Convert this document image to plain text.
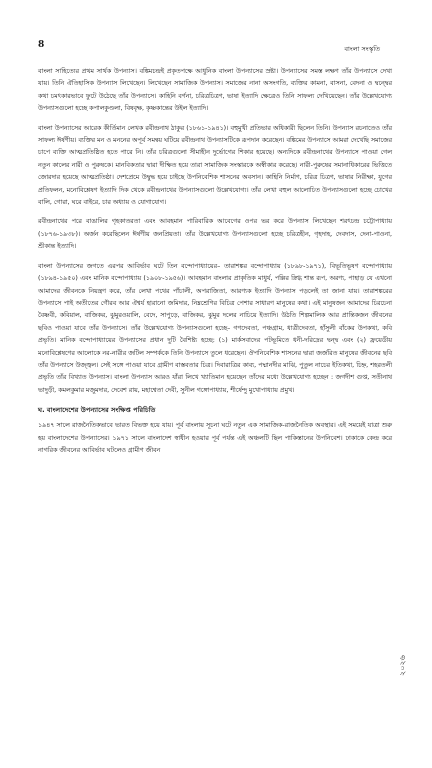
8	বাংলা সংস্কৃতি

বাংলা সাহিত্যের প্রথম সার্থক উপন্যাস। বঙ্কিমচন্দ্রই প্রকৃতপক্ষে আধুনিক বাংলা উপন্যাসের স্রষ্টা। উপন্যাসের সমস্ত লক্ষণ তাঁর উপন্যাসে দেখা যায়। তিনি ঐতিহাসিক উপন্যাস লিখেছেন। লিখেছেন সামাজিক উপন্যাস। সমাজের নানা অসংগতি, ব্যক্তির কামনা, বাসনা, বেদনা ও দ্বন্দ্বের কথা চমৎকারভাবে ফুটে উঠেছে তাঁর উপন্যাসে। কাহিনি বর্ণনা, চরিত্রচিত্রণ, ভাষা ইত্যাদি ক্ষেত্রেও তিনি সাফল্য দেখিয়েছেন। তাঁর উল্লেখযোগ্য উপন্যাসগুলো হচ্ছে কপালকুণ্ডলা, বিষবৃক্ষ, কৃষ্ণকান্তের উইল ইত্যাদি।

বাংলা উপন্যাসের আরেক কীর্তিমান লেখক রবীন্দ্রনাথ ঠাকুর (১৮৬১-১৯৪১)। বহুমুখী প্রতিভার অধিকারী ছিলেন তিনি। উপন্যাস রচনাতেও তাঁর সাফল্য ঈর্ষণীয়। ব্যক্তির মন ও মননের অপূর্ব সমন্বয় ঘটিয়ে রবীন্দ্রনাথ উপন্যাসটিকে রূপদান করেছেন। বঙ্কিমের উপন্যাসে আমরা দেখেছি সমাজের চাপে ব্যক্তি আত্মপ্রতিষ্ঠিত হতে পারে নি। তাঁর চরিত্রগুলো সীমাহীন দুর্ভোগের শিকার হয়েছে। অন্যদিকে রবীন্দ্রনাথের উপন্যাসে পাওয়া গেল নতুন কালের নারী ও পুরুষকে। মানবিকতার দ্বারা দীক্ষিত হয়ে তারা সামাজিক সংস্কারকে অস্বীকার করেছে। নারী-পুরুষের সমানাধিকারের ভিত্তিতে জোরদার হয়েছে আত্মপ্রতিষ্ঠা। দেশপ্রেমে উদ্বুদ্ধ হয়ে চাইছে উপনিবেশিক শাসনের অবসান। কাহিনি নির্মাণ, চরিত্র চিত্রণ, ভাষার নিরীক্ষা, যুগের প্রতিফলন, মনোবিশ্লেষণ ইত্যাদি দিক থেকে রবীন্দ্রনাথের উপন্যাসগুলো উল্লেখযোগ্য। তাঁর লেখা বহুল আলোচিত উপন্যাসগুলো হচ্ছে চোখের বালি, গোরা, ঘরে বাইরে, চার অধ্যায় ও যোগাযোগ।

রবীন্দ্রনাথের পরে বাঙালির গৃহকাতরতা এবং আবহমান পারিবারিক আবেগের ওপর ভর করে উপন্যাস লিখেছেন শরৎচন্দ্র চট্টোপাধ্যায় (১৮৭৬-১৯৩৮)। অর্জন করেছিলেন ঈর্ষণীয় জনপ্রিয়তা। তাঁর উল্লেখযোগ্য উপন্যাসগুলো হচ্ছে চরিত্রহীন, গৃহদাহ, দেবদাস, দেনা-পাওনা, শ্রীকান্ত ইত্যাদি।

বাংলা উপন্যাসের জগতে এরপর আবির্ভাব ঘটে তিন বন্দোপাধ্যায়ের– তারাশঙ্কর বন্দোপাধ্যায় (১৮৯৮-১৯৭১), বিভূতিভূষণ বন্দোপাধ্যায় (১৮৯৪-১৯৫০) এবং মানিক বন্দোপাধ্যায় (১৯০৮-১৯৫৬)। আবহমান বাংলার প্রাকৃতিক মাধুর্য, পল্লির স্নিগ্ধ শান্ত রূপ, অরণ্য, পাহাড় যে এখনো আমাদের জীবনকে নিয়ন্ত্রণ করে, তাঁর লেখা পথের পাঁচালী, অপরাজিতা, আরণ্যক ইত্যাদি উপন্যাস পড়লেই তা জানা যায়। তারাশঙ্করের উপন্যাসে পাই অতীতের গৌরব আর ঐশ্বর্য হারানো জমিদার, নিম্নশ্রেণির বিচিত্র পেশার সাধারণ মানুষের কথা। এই মানুষজন আমাদের চিরচেনা বৈষ্ণবী, কবিয়াল, বাজিকর, ঝুমুরওয়ালি, বেদে, সাপুড়ে, বাজিকর, ঝুমুর দলের নাচিয়ে ইত্যাদি। উঠতি শিল্পমালিক আর প্রান্তিকজন জীবনের ছবিও পাওয়া যাবে তাঁর উপন্যাসে। তাঁর উল্লেখযোগ্য উপন্যাসগুলো হচ্ছে– গণদেবতা, পঞ্চগ্রাম, ধাত্রীদেবতা, হাঁসুলী বাঁকের উপকথা, কবি প্রভৃতি। মানিক বন্দোপাধ্যায়ের উপন্যাসের প্রধান দুটি বৈশিষ্ট্য হচ্ছে: (১) মার্কসবাদের পটভূমিতে ধনী-দরিদ্রের দ্বন্দ্ব এবং (২) ফ্রয়েডীয় মনোবিশ্লেষণের আলোকে নর-নারীর জটিল সম্পর্ককে তিনি উপন্যাসে তুলে ধরেছেন। ঔপনিবেশিক শাসনের দ্বারা জর্জরিত মানুষের জীবনের ছবি তাঁর উপন্যাসে উজ্জ্বল। সেই সঙ্গে পাওয়া যাবে গ্রামীণ বাস্তবতার চিত্র। দিবারাত্রির কাব্য, পদ্মানদীর মাঝি, পুতুল নাচের ইতিকথা, চিহ্ন, শহরতলী প্রভৃতি তাঁর বিখ্যাত উপন্যাস। বাংলা উপন্যাস আরও যাঁরা লিখে খ্যাতিমান হয়েছেন তাঁদের মধ্যে উল্লেখযোগ্য হচ্ছেন : জগদীশ গুপ্ত, সতীনাথ ভাদুড়ী, কমলকুমার মজুমদার, দেবেশ রায়, মহাশ্বেতা দেবী, সুনীল গঙ্গোপাধ্যায়, শীর্ষেন্দু মুখোপাধ্যায় প্রমুখ।

ঘ. বাংলাদেশের উপন্যাসের সংক্ষিপ্ত পরিচিতি

১৯৪৭ সালে রাজনৈতিকভাবে ভারত বিভক্ত হয়ে যায়। পূর্ব বাংলায় সূচনা ঘটে নতুন এক সামাজিক-রাজনৈতিক অবস্থার। এই সময়েই যাত্রা শুরু হয় বাংলাদেশের উপন্যাসের। ১৯৭১ সালে বাংলাদেশ স্বাধীন হওয়ার পূর্ব পর্যন্ত এই অঞ্চলটি ছিল পাকিস্তানের উপনিবেশ। ঢাকাকে কেন্দ্র করে নাগরিক জীবনের আবির্ভাব ঘটলেও গ্রামীণ জীবন

২০২৬
